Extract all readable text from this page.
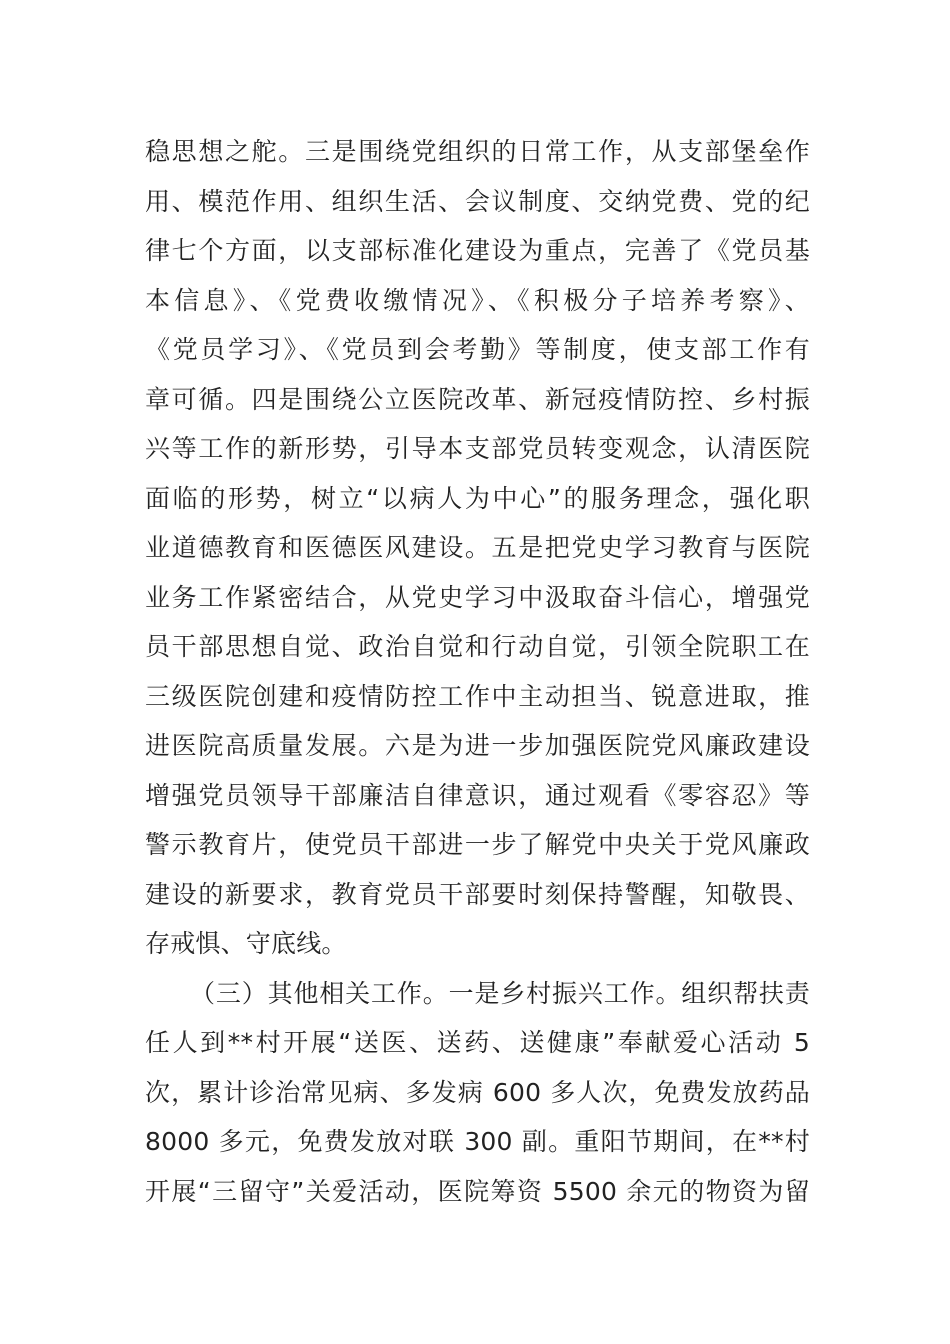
稳思想之舵。三是围绕党组织的日常工作，从支部堡垒作
用、模范作用、组织生活、会议制度、交纳党费、党的纪
律七个方面，以支部标准化建设为重点，完善了《党员基
本信息》、《党费收缴情况》、《积极分子培养考察》、
《党员学习》、《党员到会考勤》等制度，使支部工作有
章可循。四是围绕公立医院改革、新冠疫情防控、乡村振
兴等工作的新形势，引导本支部党员转变观念，认清医院
面临的形势，树立“以病人为中心”的服务理念，强化职
业道德教育和医德医风建设。五是把党史学习教育与医院
业务工作紧密结合，从党史学习中汲取奋斗信心，增强党
员干部思想自觉、政治自觉和行动自觉，引领全院职工在
三级医院创建和疫情防控工作中主动担当、锐意进取，推
进医院高质量发展。六是为进一步加强医院党风廉政建设
增强党员领导干部廉洁自律意识，通过观看《零容忍》等
警示教育片，使党员干部进一步了解党中央关于党风廉政
建设的新要求，教育党员干部要时刻保持警醒，知敬畏、
存戒惧、守底线。
（三）其他相关工作。一是乡村振兴工作。组织帮扶责
任人到**村开展“送医、送药、送健康”奉献爱心活动 5
次，累计诊治常见病、多发病 600 多人次，免费发放药品
8000 多元，免费发放对联 300 副。重阳节期间，在**村
开展“三留守”关爱活动，医院筹资 5500 余元的物资为留
